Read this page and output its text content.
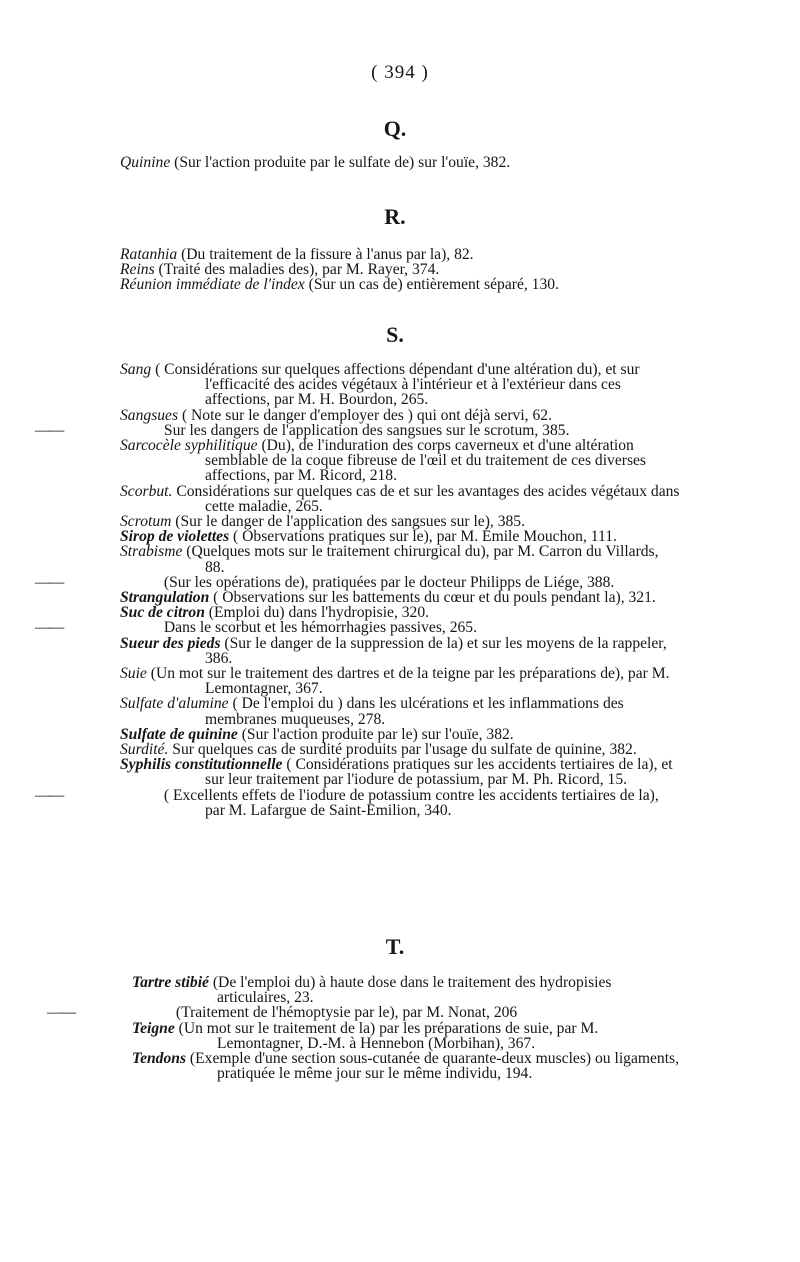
( 394 )
Q.

Quinine (Sur l'action produite par le sulfate de) sur l'ouïe, 382.

R.

Ratanhia (Du traitement de la fissure à l'anus par la), 82.

Reins (Traité des maladies des), par M. Rayer, 374.

Réunion immédiate de l'index (Sur un cas de) entièrement séparé, 130.

S.

Sang ( Considérations sur quelques affections dépendant d'une altération du), et sur l'efficacité des acides végétaux à l'intérieur et à l'extérieur dans ces affections, par M. H. Bourdon, 265.

Sangsues ( Note sur le danger d'employer des ) qui ont déjà servi, 62.

——	Sur les dangers de l'application des sangsues sur le scrotum, 385.

Sarcocèle syphilitique (Du), de l'induration des corps caverneux et d'une altération semblable de la coque fibreuse de l'œil et du traitement de ces diverses affections, par M. Ricord, 218.

Scorbut. Considérations sur quelques cas de et sur les avantages des acides végétaux dans cette maladie, 265.

Scrotum (Sur le danger de l'application des sangsues sur le), 385.

Sirop de violettes ( Observations pratiques sur le), par M. Émile Mouchon, 111.

Strabisme (Quelques mots sur le traitement chirurgical du), par M. Carron du Villards, 88.

——	(Sur les opérations de), pratiquées par le docteur Philipps de Liége, 388.

Strangulation ( Observations sur les battements du cœur et du pouls pendant la), 321.

Suc de citron (Emploi du) dans l'hydropisie, 320.

——	Dans le scorbut et les hémorrhagies passives, 265.

Sueur des pieds (Sur le danger de la suppression de la) et sur les moyens de la rappeler, 386.

Suie (Un mot sur le traitement des dartres et de la teigne par les préparations de), par M. Lemontagner, 367.

Sulfate d'alumine ( De l'emploi du ) dans les ulcérations et les inflammations des membranes muqueuses, 278.

Sulfate de quinine (Sur l'action produite par le) sur l'ouïe, 382.

Surdité. Sur quelques cas de surdité produits par l'usage du sulfate de quinine, 382.

Syphilis constitutionnelle ( Considérations pratiques sur les accidents tertiaires de la), et sur leur traitement par l'iodure de potassium, par M. Ph. Ricord, 15.

——	( Excellents effets de l'iodure de potassium contre les accidents tertiaires de la), par M. Lafargue de Saint-Emilion, 340.

T.

Tartre stibié (De l'emploi du) à haute dose dans le traitement des hydropisies articulaires, 23.

——	(Traitement de l'hémoptysie par le), par M. Nonat, 206

Teigne (Un mot sur le traitement de la) par les préparations de suie, par M. Lemontagner, D.-M. à Hennebon (Morbihan), 367.

Tendons (Exemple d'une section sous-cutanée de quarante-deux muscles) ou ligaments, pratiquée le même jour sur le même individu, 194.
